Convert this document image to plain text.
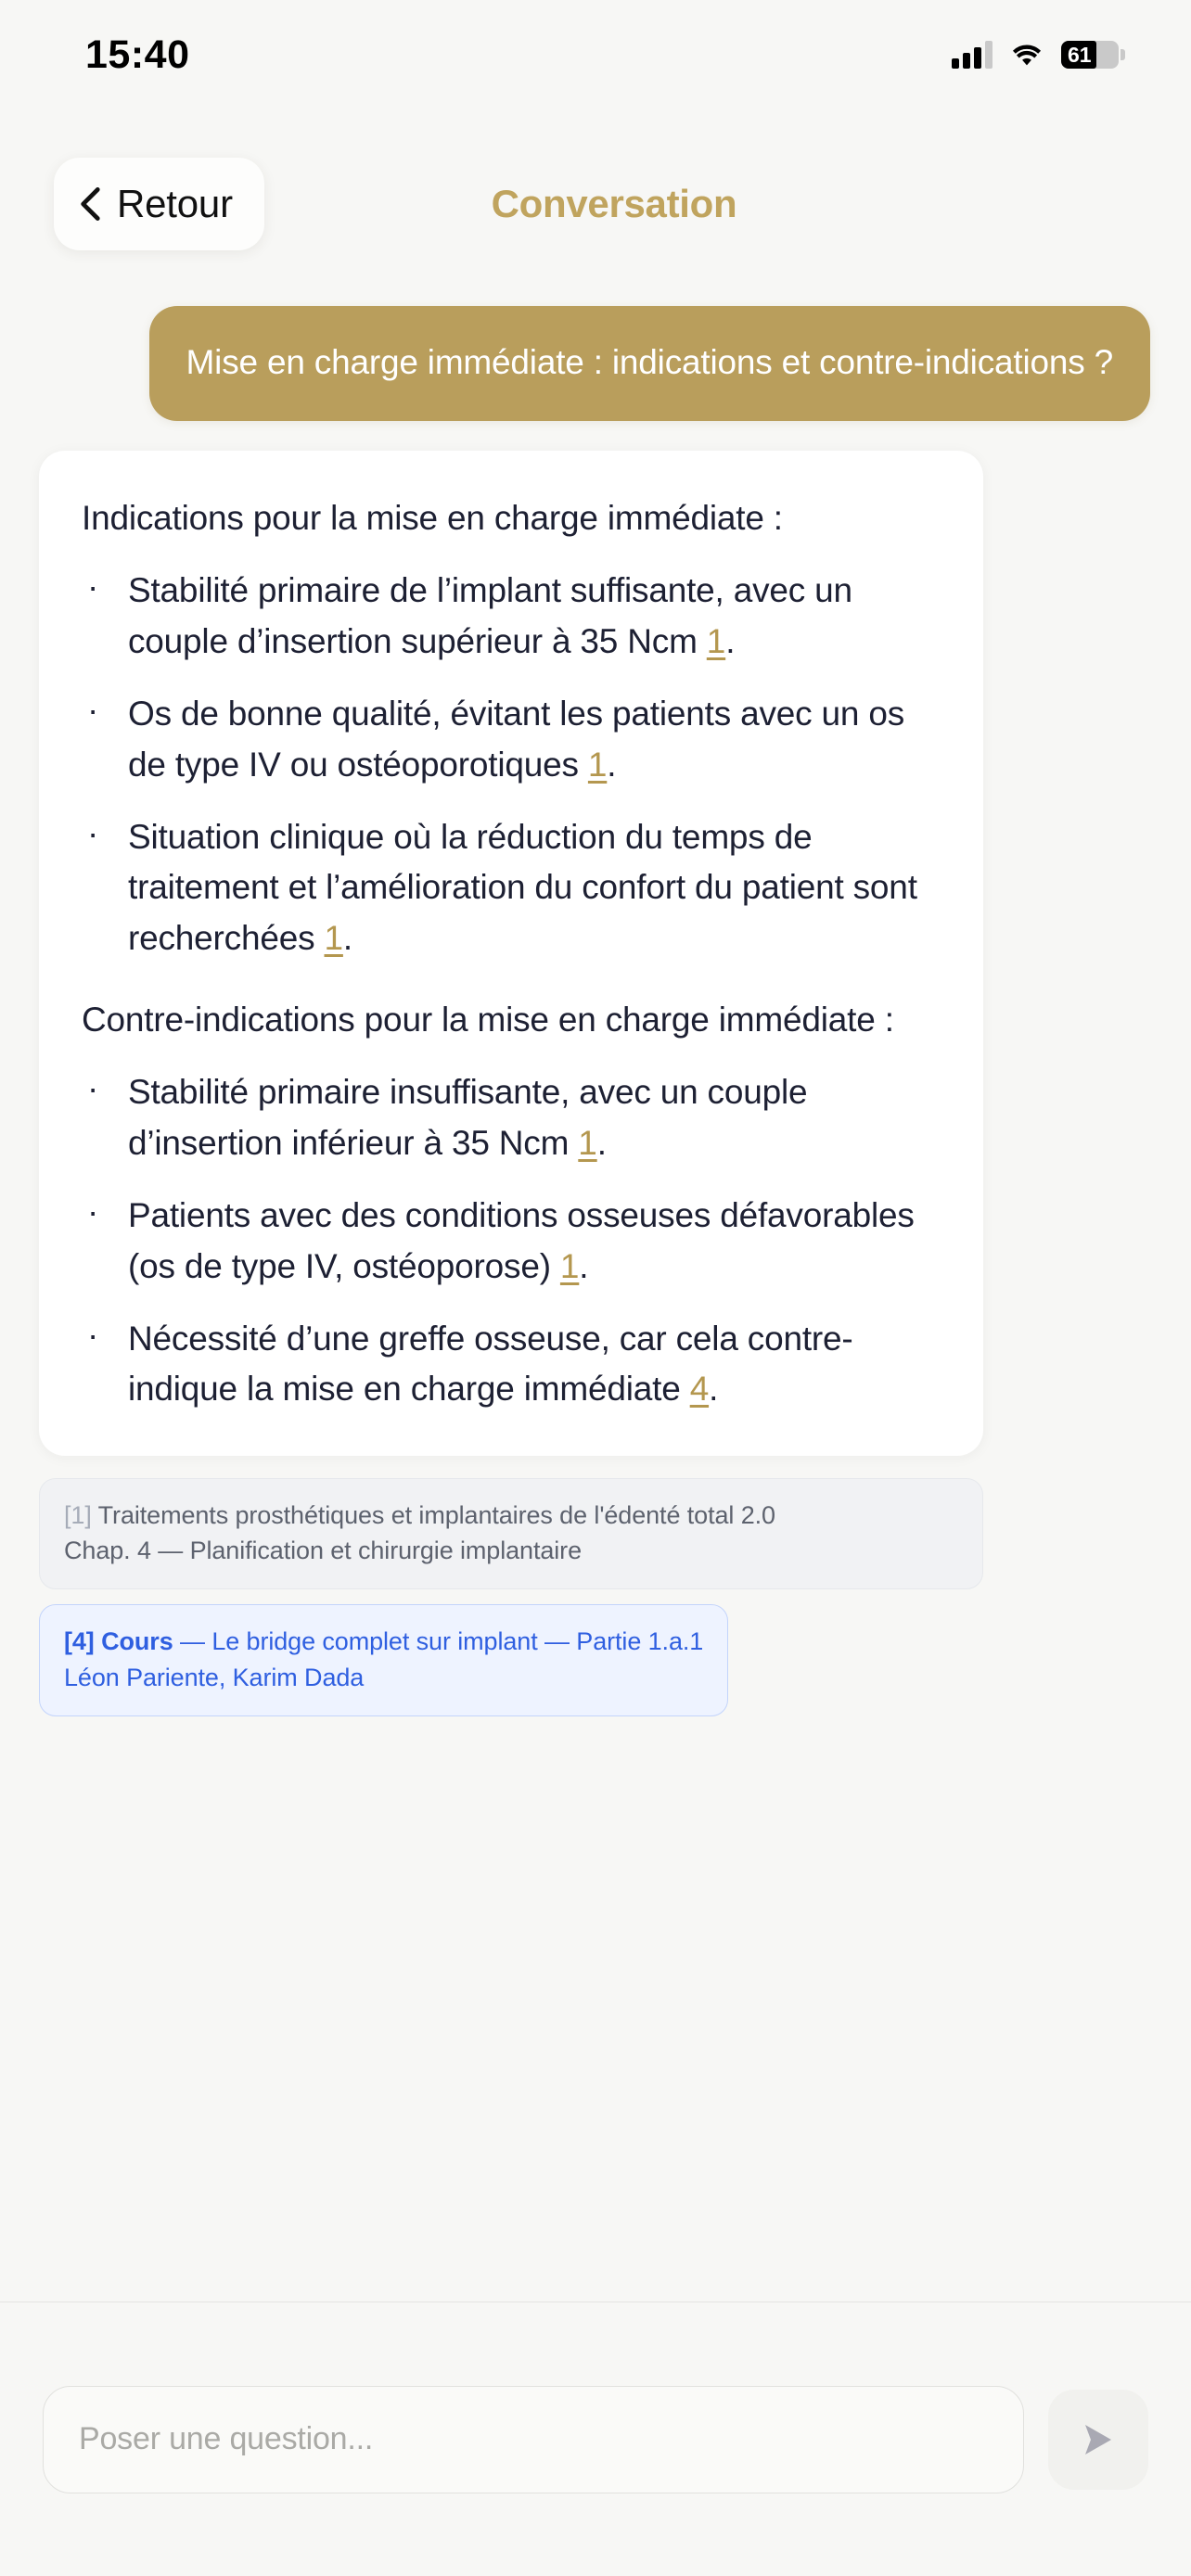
15:40	61
Conversation
Retour
Mise en charge immédiate : indications et contre-indications ?
Indications pour la mise en charge immédiate :
· Stabilité primaire de l’implant suffisante, avec un couple d’insertion supérieur à 35 Ncm 1.
· Os de bonne qualité, évitant les patients avec un os de type IV ou ostéoporotiques 1.
· Situation clinique où la réduction du temps de traitement et l’amélioration du confort du patient sont recherchées 1.
Contre-indications pour la mise en charge immédiate :
· Stabilité primaire insuffisante, avec un couple d’insertion inférieur à 35 Ncm 1.
· Patients avec des conditions osseuses défavorables (os de type IV, ostéoporose) 1.
· Nécessité d’une greffe osseuse, car cela contre-indique la mise en charge immédiate 4.
[1] Traitements prosthétiques et implantaires de l'édenté total 2.0
Chap. 4 — Planification et chirurgie implantaire
[4] Cours — Le bridge complet sur implant — Partie 1.a.1
Léon Pariente, Karim Dada
Poser une question...
